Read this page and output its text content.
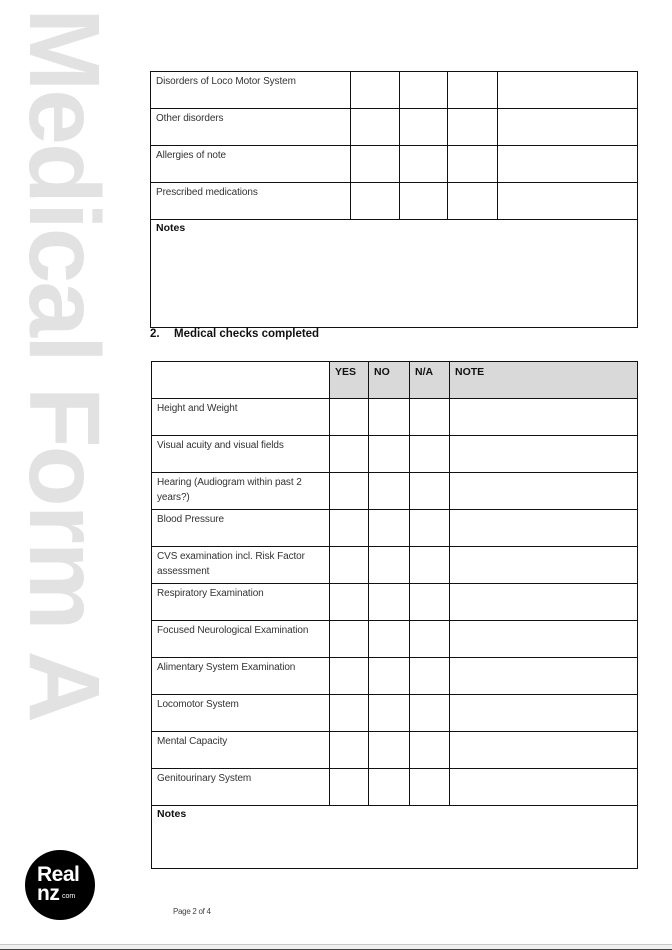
Medical Form A	Disorders of Loco Motor System				
Other disorders				
Allergies of note				
Prescribed medications				

Notes				
2. Medical checks completed
	YES	NO	N/A	NOTE
Height and Weight				
Visual acuity and visual fields				
Hearing (Audiogram within past 2 years?)				
Blood Pressure				
CVS examination incl. Risk Factor assessment				
Respiratory Examination				
Focused Neurological Examination				
Alimentary System Examination				
Locomotor System				
Mental Capacity				
Genitourinary System				

Notes				
Real
nz com
Page 2 of 4
